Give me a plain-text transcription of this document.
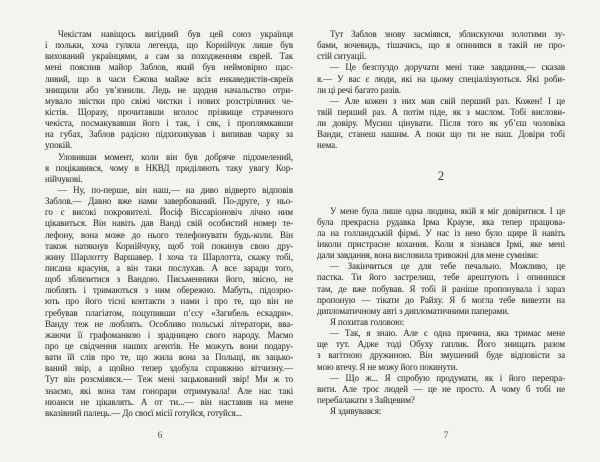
Чекістам навіщось вигідний був цей союз українця
і польки, хоча гуляла легенда, що Корнійчук лише був
вихований українцями, а сам за походженням єврей. Так
мені пояснив майор Заблов, який був неймовірно щас-
ливий, що в часи Єжова майже всіх енкаведистів-євреїв
знищили або ув’язнили. Ледь не щодня начальство отри-
мувало звістки про свіжі чистки і нових розстріляних че-
кістів. Щоразу, прочитавши вголос прізвище страченого
чекіста, посмакувавши його і так, і сяк, і проплямкавши
на губах, Заблов радісно підхихикував і випивав чарку за
упокій.
Уловивши момент, коли він був добряче підхмелений,
я поцікавився, чому в НКВД приділяють таку увагу Кор-
нійчукові.
— Ну, по-перше, він наш,— на диво відверто відповів
Заблов.— Давно вже нами завербований. По-друге, у ньо-
го є високі покровителі. Йосіф Віссаріоновіч лічно ним
цікавиться. Він навіть дав Ванді свій особистий номер те-
лефону, вона може до нього телефонувати будь-коли. Він
також натякнув Корнійчуку, щоб той покинув свою дру-
жину Шарлотту Варшавер. І хоча та Шарлотта, скажу тобі,
писана красуня, а він таки послухав. А все заради того,
щоб зблизитися з Вандою. Письменники його, звісно, не
люблять і тримаються з ним обережно. Мабуть, підозрю-
ють про його тісні контакти з нами і про те, що він не
гребував плагіатом, поцупивши п’єсу «Загибель ескадри».
Ванду теж не люблять. Особливо польські літератори, вва-
жаючи її графоманкою і зрадницею свого народу. Маємо
про це свідчення наших агентів. Не можуть вони подару-
вати їй слів про те, що жила вона за Польщі, як зацько-
ваний звір, а щойно тепер здобула справжню вітчизну.—
Тут він розсміявся.— Теж мені зацькований звір! Ми ж то
знаємо, які вона там гонорари отримувала! Але нас такі
нюанси не цікавлять. А от ти...— він наставив на мене
вказівний палець.— До своєї місії готуйся, готуйся...
Тут Заблов знову засміявся, зблискуючи золотими зу-
бами, вочевидь, тішачись, що я опинився в такій не про-
стій ситуації.
— Це безглуздо доручати мені таке завдання,— сказав
я.— У вас є люди, які на цьому спеціалізуються. Які роби-
ли ці речі багато разів.
— Але кожен з них мав свій перший раз. Кожен! І це
твій перший раз. А потім піде, як з маслом. Тобі вислови-
ли довіру. Мусиш цінувати. Після того як уб’єш чоловіка
Ванди, станеш нашим. А поки що ти не наш. Довіри тобі
нема.
2
У мене була лише одна людина, якій я міг довіритися. І це
була прекрасна рудавка Ірма Краузе, яка тепер працюва-
ла на голландській фірмі. У нас із нею було щире й навіть
інколи пристрасне кохання. Коли я зізнався Ірмі, яке мені
дали завдання, вона висловила тривожні для мене сумніви:
— Закінчиться це для тебе печально. Можливо, це
пастка. Ти його застрелиш, тебе арештують і опинишся
там, де вже побував. Я тобі й раніше пропонувала і зараз
пропоную — тікати до Райху. Я б могла тебе вивезти на
дипломатичному авті з дипломатичними паперами.
Я похитав головою:
— Так, я знаю. Але є одна причина, яка тримає мене
ще тут. Адже тоді Обуху гаплик. Його знищать разом
з вагітною дружиною. Він змушений буде відповісти за
мою втечу. Я не можу його покинути.
— Що ж... Я спробую продумати, як і його перепра-
вити. Але троє людей — це не просто. А чому б тобі не
перебалакати з Зайцевим?
Я здивувався:
6	7
